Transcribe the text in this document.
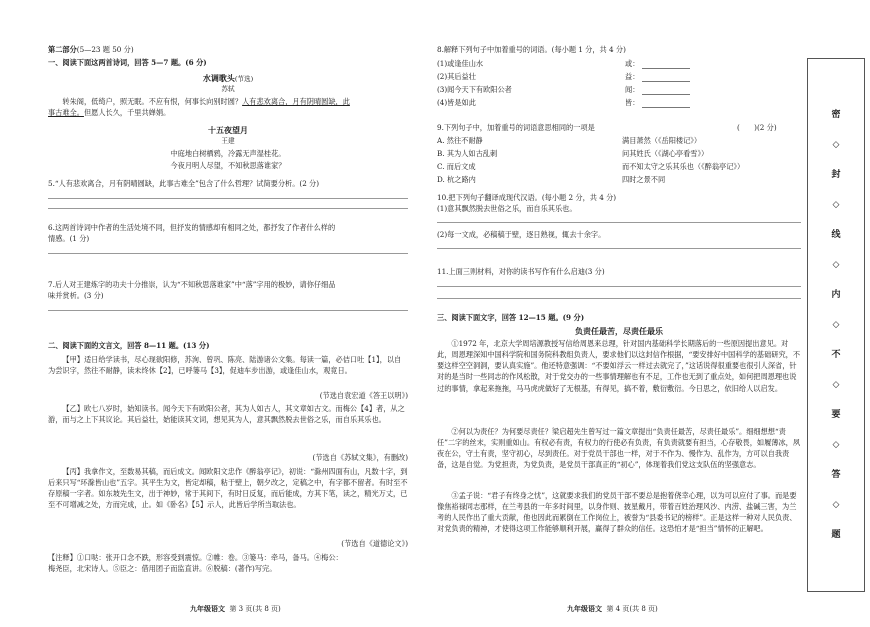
第二部分(5—23 题 50 分)
一、阅读下面这两首诗词，回答 5—7 题。(6 分)
水调歌头(节选)
苏轼
转朱阁，低绮户，照无眠。不应有恨，何事长向别时圆？人有悲欢离合，月有阴晴圆缺，此
事古难全。但愿人长久，千里共婵娟。
十五夜望月
王建
中庭地白树栖鸦，冷露无声湿桂花。
今夜月明人尽望，不知秋思落谁家？
5.“人有悲欢离合，月有阴晴圆缺，此事古难全”包含了什么哲理？试简要分析。(2 分)
6.这两首诗词中作者的生活处境不同，但抒发的情感却有相同之处，都抒发了作者什么样的
情感。(1 分)
7.后人对王建炼字的功夫十分推崇，认为“不知秋思落谁家”中“落”字用的极妙，请你仔细品
味并赏析。(3 分)
二、阅读下面的文言文，回答 8—11 题。(13 分)
【甲】适日给学读书，尽心现欲阳修，苏洵、曾巩、陈亮、陆游诸公文集。每读一篇，必佶口吐【1】，以自为尝识字，然往不耐静，读未终休【2】，已呼篓马【3】，促迪车步出游，或逢佳山水，观竟日。
(节选自袁宏道《答王以明》)
【乙】欧七八岁时，始知读书。闻今天下有欧阳公者，其为人如古人，其文章如古文。而梅公【4】者，从之游，而与之上下其议论。其后益壮，始能读其文词，想见其为人，意其飘然脱去世俗之乐，而自乐其乐也。
(节选自《苏轼文集》，有删改)
【丙】我拿作文，至数易其稿，而后成文。闻欧阳文忠作《醉翁亭记》，初说：“滁州四面有山，凡数十字，到后来只写“环滁皆山也”五字。其平生为文，皆定却稿，粘于壁上，朝夕改之，定稿之中，有字都不留者。有时至不存原稿一字者。如东坡先生文，出于神妙，常于其间下，有时日反复，而后能成，方其下笔，读之，精光万丈，已至不可增减之处，方而完成，止。如《卧名》【5】示人，此皆后学所当取法也。
(节选自《道德论文》)
【注释】①口哒：张开口念不跌，形容受到震惊。②帷：卷。③篓马：牵马，备马。④梅公：
梅尧臣，北宋诗人。⑤臣之：借用团子而监直讲。⑥脱稿：(著作)写完。
九年级语文 第 3 页(共 8 页)
8.解释下列句子中加着重号的词语。(每小题 1 分，共 4 分)
(1)或逢佳山水	或：
(2)其后益壮	益：
(3)闻今天下有欧阳公者	闻：
(4)皆是如此	皆：
9.下列句子中，加着重号的词语意思相同的一项是	(　　)(2 分)
A. 然往不耐静	满目萧然（《岳阳楼记》）
B. 其为人如古乱刺	问其姓氏（《湖心亭看雪》）
C. 而后文成	而不知太守之乐其乐也（《醉翁亭记》）
D. 杭之路内	四时之景不同
10.把下列句子翻译成现代汉语。(每小题 2 分，共 4 分)
(1)意其飘然脱去世俗之乐，而自乐其乐也。
(2)每一文成，必稿稿于壁，逐日熟视，辄去十余字。
11.上面三则材料，对你的读书写作有什么启迪(3 分)
三、阅读下面文字，回答 12—15 题。(9 分)
负责任最苦，尽责任最乐
①1972 年，北京大学周培源教授写信给周恩来总理，针对国内基础科学长期落后的一些原因提出意见。对此，周恩理深知中国科学院和国务院科教组负责人，要求他们以这封信作根据，“要安排好中国科学的基础研究，不要这样空空洞洞，要认真实施”。他还特意强调：“不要如浮云一样过去就完了，”这话说得很重要也很引人深省，针对的是当时一些同志的作风松散，对于党交办的一些事情理解也有不足，工作也无到了重点处，如何把周恩理也说过的事情，拿起来拖拖，马马虎虎做好了无根基，有得见，搞不着，敷衍敷衍。今日思之，依旧给人以启发。
②何以为责任？为何要尽责任？梁启超先生曾写过一篇文章提出“负责任最苦，尽责任最乐”。细细想想“责任”二字的丝末，实则重如山。有权必有责，有权力的行使必有负责，有负责就要有担当，心存敬畏，如履薄冰，夙夜在公，守土有责，坚守初心，尽到责任。对于党员干部也一样，对于不作为、慢作为、乱作为，方可以自我责备，这是自觉。为党担责，为党负责，是党员干部真正的“初心”，体现着我们党这支队伍的坚强意志。
③孟子说：“君子有终身之忧”，这就要求我们的党员干部不要总是抱着侥幸心理，以为可以应付了事。而是要像焦裕禄同志那样，在兰考县的一年多时间里，以身作则、披星戴月，带着百姓治理风沙、内涝、盐碱三害，为兰考的人民作出了重大贡献，他也因此而累倒在工作岗位上，被誉为“县委书记的榜样”。正是这样一种对人民负责、对党负责的精神，才使得这项工作能够顺利开展，赢得了群众的信任。这恐怕才是“担当”情怀的正解吧。
九年级语文 第 4 页(共 8 页)
密
◇
封
◇
线
◇
内
◇
不
◇
要
◇
答
◇
题
